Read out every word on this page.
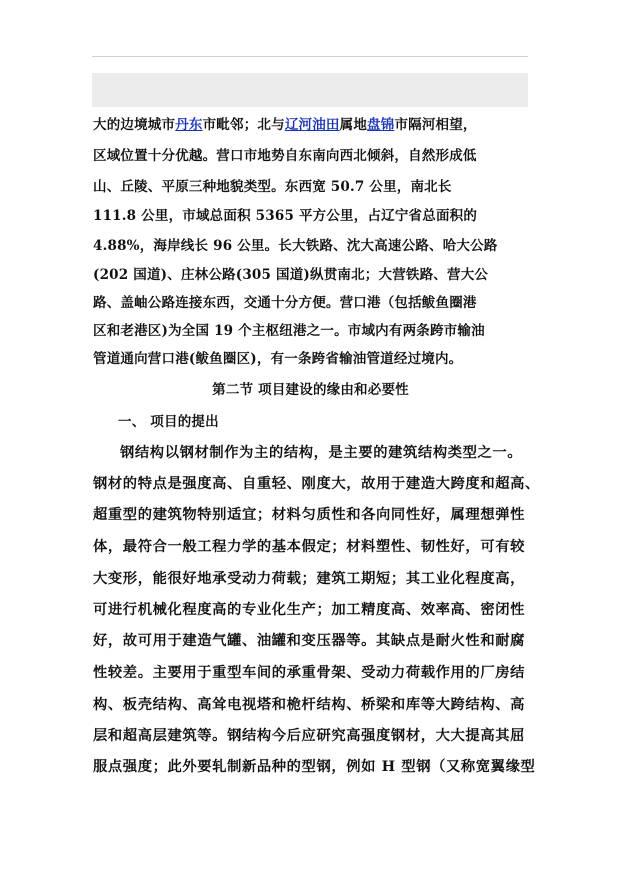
大的边境城市丹东市毗邻；北与辽河油田属地盘锦市隔河相望，
区域位置十分优越。营口市地势自东南向西北倾斜，自然形成低
山、丘陵、平原三种地貌类型。东西宽 50.7 公里，南北长
111.8 公里，市域总面积 5365 平方公里，占辽宁省总面积的
4.88%，海岸线长 96 公里。长大铁路、沈大高速公路、哈大公路
(202 国道)、庄林公路(305 国道)纵贯南北；大营铁路、营大公
路、盖岫公路连接东西，交通十分方便。营口港（包括鲅鱼圈港
区和老港区)为全国 19 个主枢纽港之一。市域内有两条跨市输油
管道通向营口港(鲅鱼圈区)，有一条跨省输油管道经过境内。
第二节 项目建设的缘由和必要性
一、 项目的提出
钢结构以钢材制作为主的结构，是主要的建筑结构类型之一。
钢材的特点是强度高、自重轻、刚度大，故用于建造大跨度和超高、
超重型的建筑物特别适宜；材料匀质性和各向同性好，属理想弹性
体，最符合一般工程力学的基本假定；材料塑性、韧性好，可有较
大变形，能很好地承受动力荷载；建筑工期短；其工业化程度高，
可进行机械化程度高的专业化生产；加工精度高、效率高、密闭性
好，故可用于建造气罐、油罐和变压器等。其缺点是耐火性和耐腐
性较差。主要用于重型车间的承重骨架、受动力荷载作用的厂房结
构、板壳结构、高耸电视塔和桅杆结构、桥梁和库等大跨结构、高
层和超高层建筑等。钢结构今后应研究高强度钢材，大大提高其屈
服点强度；此外要轧制新品种的型钢，例如 H 型钢（又称宽翼缘型
